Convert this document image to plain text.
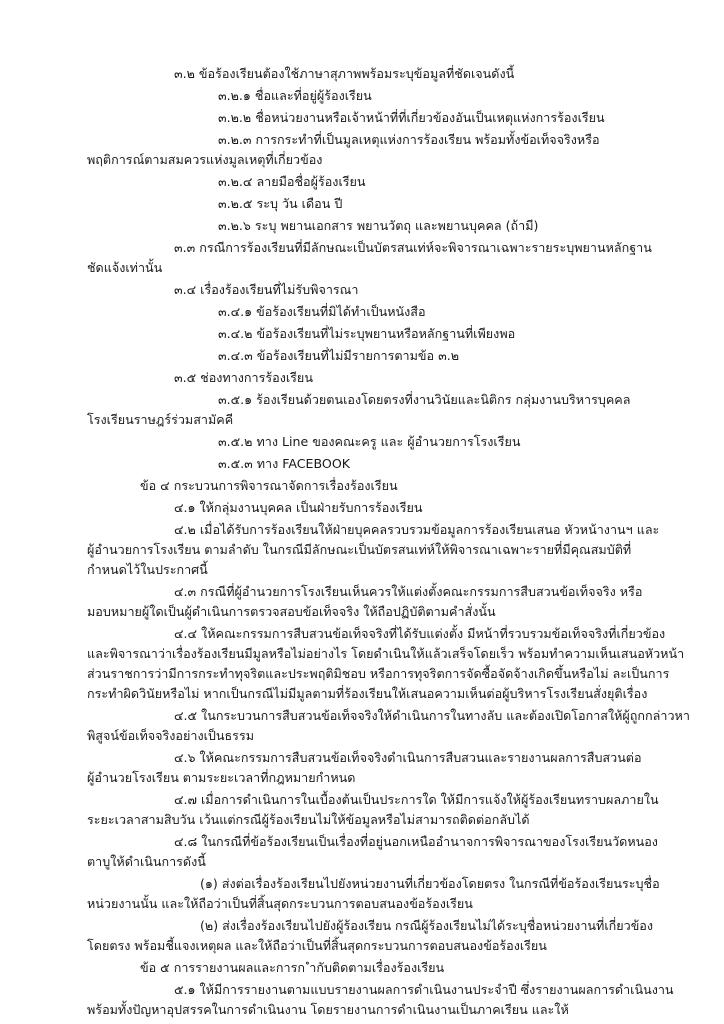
๓.๒ ข้อร้องเรียนต้องใช้ภาษาสุภาพพร้อมระบุข้อมูลที่ชัดเจนดังนี้
๓.๒.๑ ชื่อและที่อยู่ผู้ร้องเรียน
๓.๒.๒ ชื่อหน่วยงานหรือเจ้าหน้าที่ที่เกี่ยวข้องอันเป็นเหตุแห่งการร้องเรียน
๓.๒.๓ การกระทำที่เป็นมูลเหตุแห่งการร้องเรียน พร้อมทั้งข้อเท็จจริงหรือ
พฤติการณ์ตามสมควรแห่งมูลเหตุที่เกี่ยวข้อง
๓.๒.๔ ลายมือชื่อผู้ร้องเรียน
๓.๒.๕ ระบุ วัน เดือน ปี
๓.๒.๖ ระบุ พยานเอกสาร พยานวัตถุ และพยานบุคคล (ถ้ามี)
๓.๓ กรณีการร้องเรียนที่มีลักษณะเป็นบัตรสนเท่ห์จะพิจารณาเฉพาะรายระบุพยานหลักฐาน
ชัดแจ้งเท่านั้น
๓.๔ เรื่องร้องเรียนที่ไม่รับพิจารณา
๓.๔.๑ ข้อร้องเรียนที่มิได้ทำเป็นหนังสือ
๓.๔.๒ ข้อร้องเรียนที่ไม่ระบุพยานหรือหลักฐานที่เพียงพอ
๓.๔.๓ ข้อร้องเรียนที่ไม่มีรายการตามข้อ ๓.๒
๓.๕ ช่องทางการร้องเรียน
๓.๕.๑ ร้องเรียนด้วยตนเองโดยตรงที่งานวินัยและนิติกร กลุ่มงานบริหารบุคคล
โรงเรียนราษฎร์ร่วมสามัคคี
๓.๕.๒ ทาง Line ของคณะครู และ ผู้อำนวยการโรงเรียน
๓.๕.๓ ทาง FACEBOOK
ข้อ ๔ กระบวนการพิจารณาจัดการเรื่องร้องเรียน
๔.๑ ให้กลุ่มงานบุคคล เป็นฝ่ายรับการร้องเรียน
๔.๒ เมื่อได้รับการร้องเรียนให้ฝ่ายบุคคลรวบรวมข้อมูลการร้องเรียนเสนอ หัวหน้างานฯ และ
ผู้อำนวยการโรงเรียน ตามลำดับ ในกรณีมีลักษณะเป็นบัตรสนเท่ห์ให้พิจารณาเฉพาะรายที่มีคุณสมบัติที่
กำหนดไว้ในประกาศนี้
๔.๓ กรณีที่ผู้อำนวยการโรงเรียนเห็นควรให้แต่งตั้งคณะกรรมการสืบสวนข้อเท็จจริง หรือ
มอบหมายผู้ใดเป็นผู้ดำเนินการตรวจสอบข้อเท็จจริง ให้ถือปฏิบัติตามคำสั่งนั้น
๔.๔ ให้คณะกรรมการสืบสวนข้อเท็จจริงที่ได้รับแต่งตั้ง มีหน้าที่รวบรวมข้อเท็จจริงที่เกี่ยวข้อง
และพิจารณาว่าเรื่องร้องเรียนมีมูลหรือไม่อย่างไร โดยดำเนินให้แล้วเสร็จโดยเร็ว พร้อมทำความเห็นเสนอหัวหน้า
ส่วนราชการว่ามีการกระทำทุจริตและประพฤติมิชอบ หรือการทุจริตการจัดซื้อจัดจ้างเกิดขึ้นหรือไม่ ละเป็นการ
กระทำผิดวินัยหรือไม่ หากเป็นกรณีไม่มีมูลตามที่ร้องเรียนให้เสนอความเห็นต่อผู้บริหารโรงเรียนสั่งยุติเรื่อง
๔.๕ ในกระบวนการสืบสวนข้อเท็จจริงให้ดำเนินการในทางลับ และต้องเปิดโอกาสให้ผู้ถูกกล่าวหา
พิสูจน์ข้อเท็จจริงอย่างเป็นธรรม
๔.๖ ให้คณะกรรมการสืบสวนข้อเท็จจริงดำเนินการสืบสวนและรายงานผลการสืบสวนต่อ
ผู้อำนวยโรงเรียน ตามระยะเวลาที่กฎหมายกำหนด
๔.๗ เมื่อการดำเนินการในเบื้องต้นเป็นประการใด ให้มีการแจ้งให้ผู้ร้องเรียนทราบผลภายใน
ระยะเวลาสามสิบวัน เว้นแต่กรณีผู้ร้องเรียนไม่ให้ข้อมูลหรือไม่สามารถติดต่อกลับได้
๔.๘ ในกรณีที่ข้อร้องเรียนเป็นเรื่องที่อยู่นอกเหนืออำนาจการพิจารณาของโรงเรียนวัดหนอง
ตาบูให้ดำเนินการดังนี้
(๑) ส่งต่อเรื่องร้องเรียนไปยังหน่วยงานที่เกี่ยวข้องโดยตรง ในกรณีที่ข้อร้องเรียนระบุชื่อ
หน่วยงานนั้น และให้ถือว่าเป็นที่สิ้นสุดกระบวนการตอบสนองข้อร้องเรียน
(๒) ส่งเรื่องร้องเรียนไปยังผู้ร้องเรียน กรณีผู้ร้องเรียนไม่ได้ระบุชื่อหน่วยงานที่เกี่ยวข้อง
โดยตรง พร้อมชี้แจงเหตุผล และให้ถือว่าเป็นที่สิ้นสุดกระบวนการตอบสนองข้อร้องเรียน
ข้อ ๕ การรายงานผลและการก ำกับติดตามเรื่องร้องเรียน
๕.๑ ให้มีการรายงานตามแบบรายงานผลการดำเนินงานประจำปี ซึ่งรายงานผลการดำเนินงาน
พร้อมทั้งปัญหาอุปสรรคในการดำเนินงาน โดยรายงานการดำเนินงานเป็นภาคเรียน และให้
